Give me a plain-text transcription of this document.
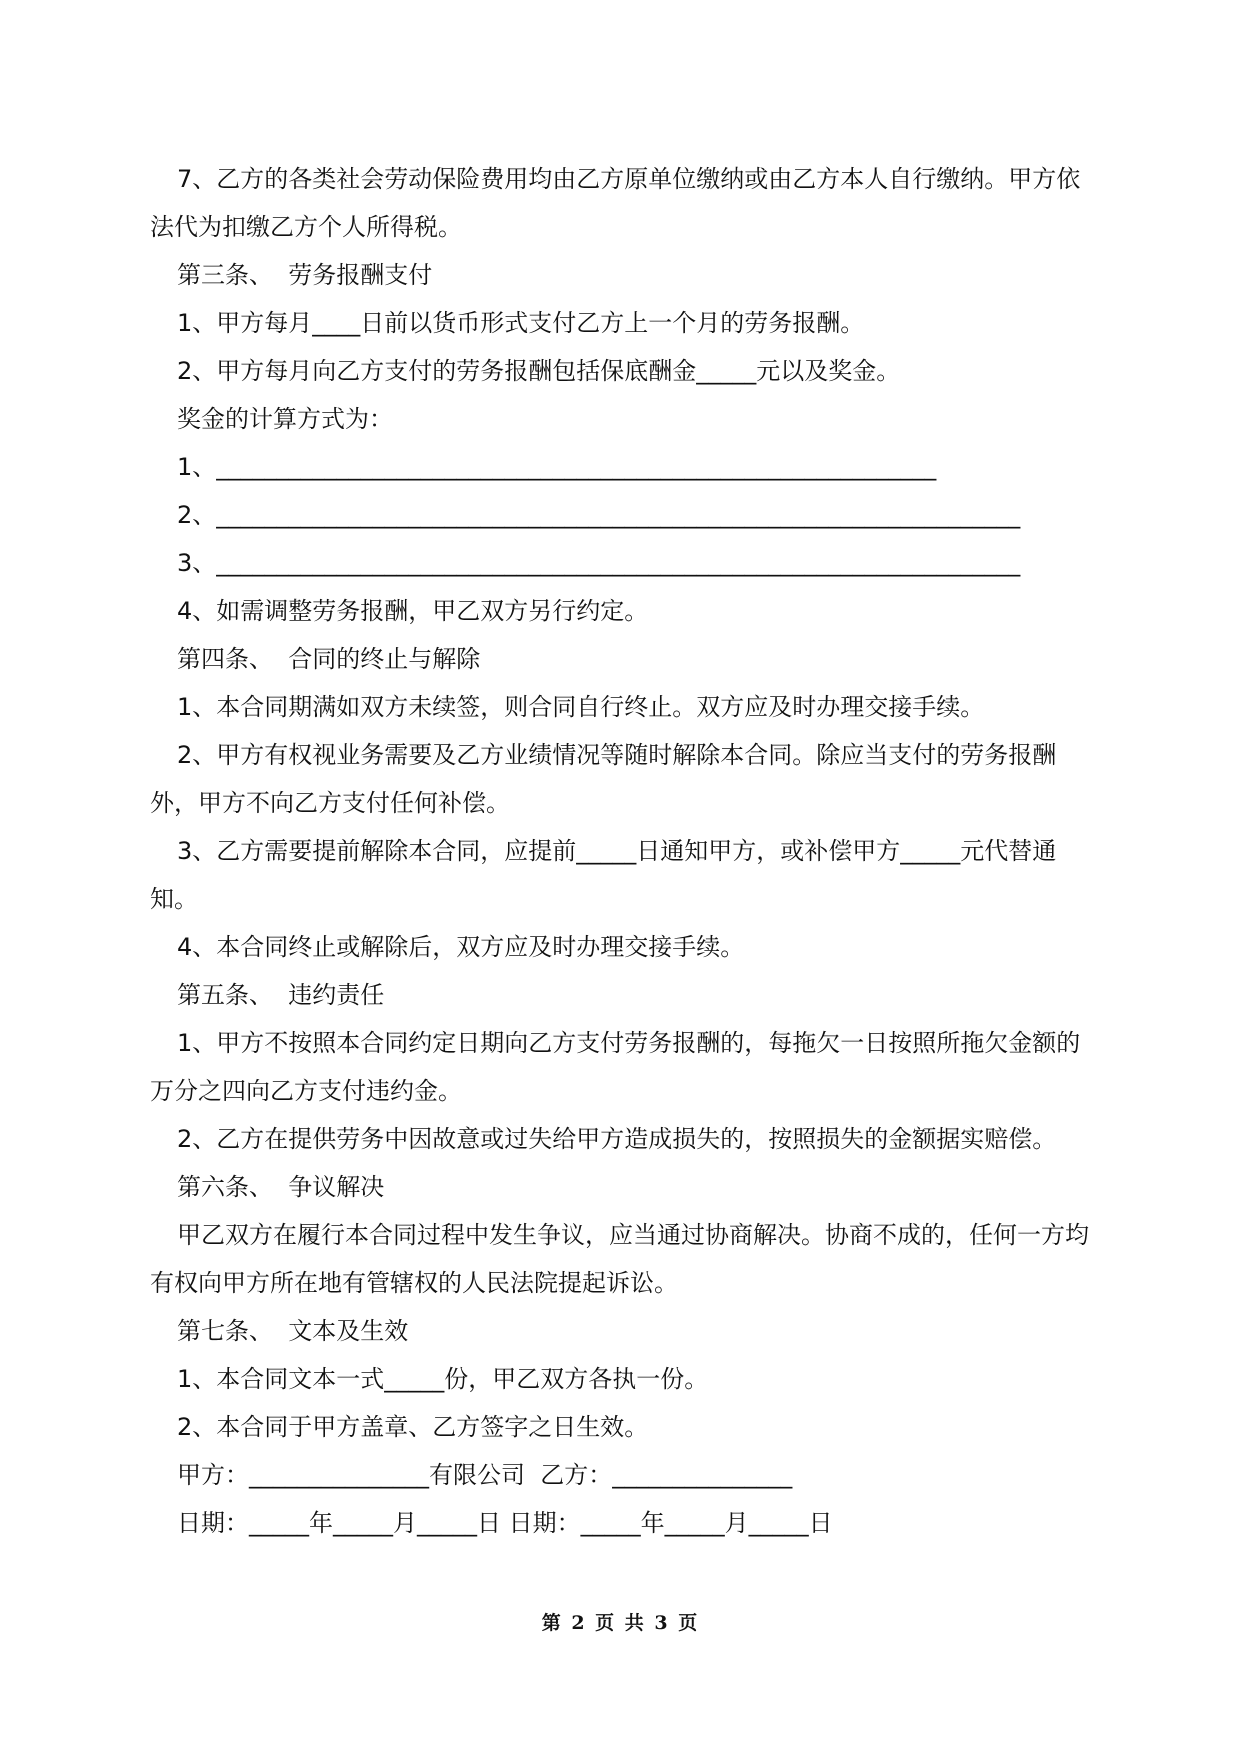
7、乙方的各类社会劳动保险费用均由乙方原单位缴纳或由乙方本人自行缴纳。甲方依法代为扣缴乙方个人所得税。

第三条、  劳务报酬支付

1、甲方每月____日前以货币形式支付乙方上一个月的劳务报酬。

2、甲方每月向乙方支付的劳务报酬包括保底酬金_____元以及奖金。

奖金的计算方式为：

1、____________________________________________________________

2、___________________________________________________________________

3、___________________________________________________________________

4、如需调整劳务报酬，甲乙双方另行约定。

第四条、  合同的终止与解除

1、本合同期满如双方未续签，则合同自行终止。双方应及时办理交接手续。

2、甲方有权视业务需要及乙方业绩情况等随时解除本合同。除应当支付的劳务报酬外，甲方不向乙方支付任何补偿。

3、乙方需要提前解除本合同，应提前_____日通知甲方，或补偿甲方_____元代替通知。

4、本合同终止或解除后，双方应及时办理交接手续。

第五条、  违约责任

1、甲方不按照本合同约定日期向乙方支付劳务报酬的，每拖欠一日按照所拖欠金额的万分之四向乙方支付违约金。

2、乙方在提供劳务中因故意或过失给甲方造成损失的，按照损失的金额据实赔偿。

第六条、  争议解决

甲乙双方在履行本合同过程中发生争议，应当通过协商解决。协商不成的，任何一方均有权向甲方所在地有管辖权的人民法院提起诉讼。

第七条、  文本及生效

1、本合同文本一式_____份，甲乙双方各执一份。

2、本合同于甲方盖章、乙方签字之日生效。

甲方：_______________有限公司  乙方：_______________

日期：_____年_____月_____日 日期：_____年_____月_____日

第 2 页 共 3 页
